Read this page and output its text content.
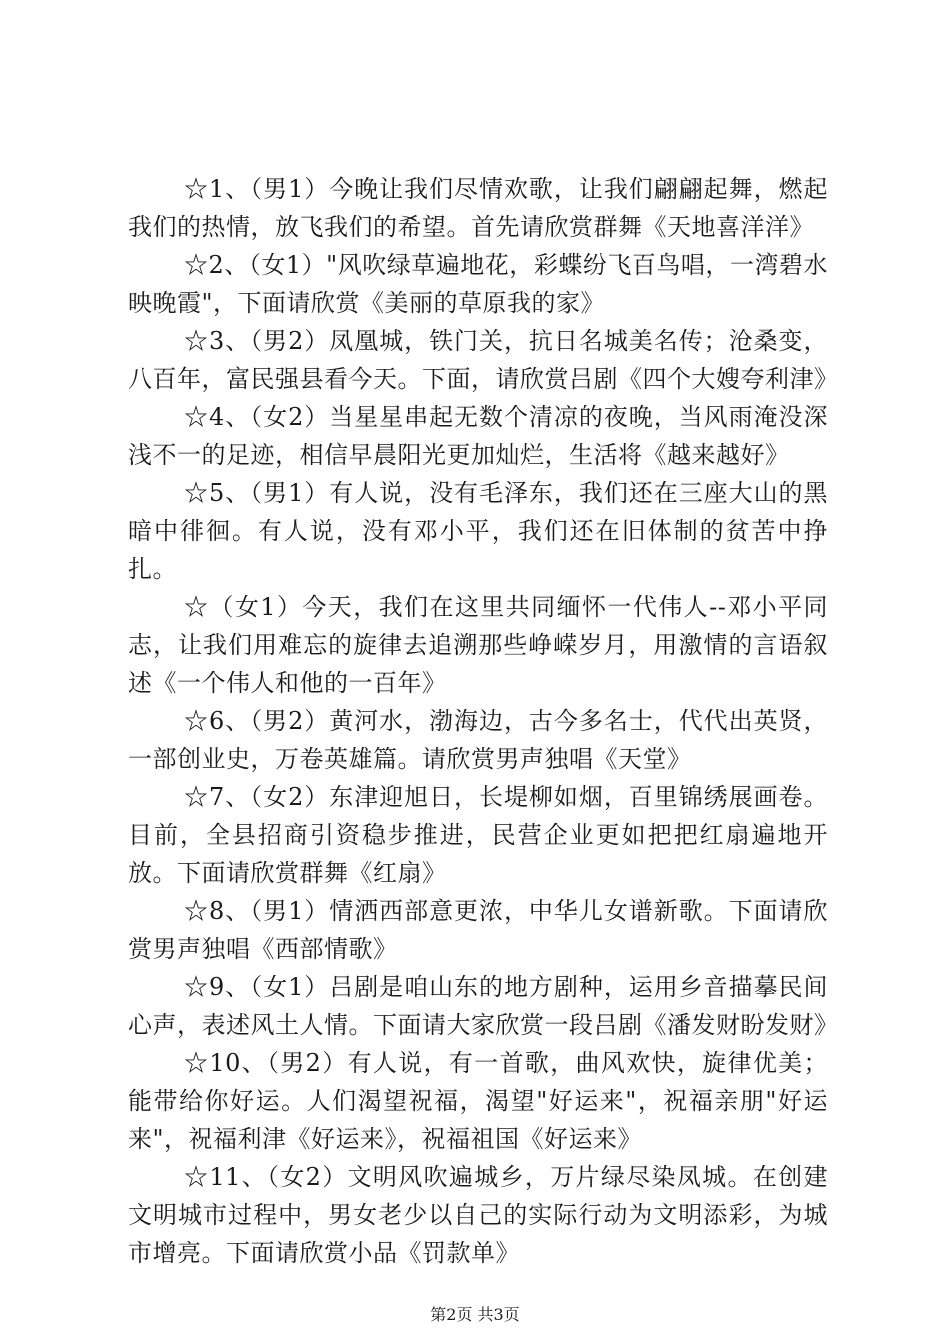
☆1、（男1）今晚让我们尽情欢歌，让我们翩翩起舞，燃起我们的热情，放飞我们的希望。首先请欣赏群舞《天地喜洋洋》

☆2、（女1）"风吹绿草遍地花，彩蝶纷飞百鸟唱，一湾碧水映晚霞"，下面请欣赏《美丽的草原我的家》

☆3、（男2）凤凰城，铁门关，抗日名城美名传；沧桑变，八百年，富民强县看今天。下面，请欣赏吕剧《四个大嫂夸利津》

☆4、（女2）当星星串起无数个清凉的夜晚，当风雨淹没深浅不一的足迹，相信早晨阳光更加灿烂，生活将《越来越好》

☆5、（男1）有人说，没有毛泽东，我们还在三座大山的黑暗中徘徊。有人说，没有邓小平，我们还在旧体制的贫苦中挣扎。

☆（女1）今天，我们在这里共同缅怀一代伟人--邓小平同志，让我们用难忘的旋律去追溯那些峥嵘岁月，用激情的言语叙述《一个伟人和他的一百年》

☆6、（男2）黄河水，渤海边，古今多名士，代代出英贤，一部创业史，万卷英雄篇。请欣赏男声独唱《天堂》

☆7、（女2）东津迎旭日，长堤柳如烟，百里锦绣展画卷。目前，全县招商引资稳步推进，民营企业更如把把红扇遍地开放。下面请欣赏群舞《红扇》

☆8、（男1）情洒西部意更浓，中华儿女谱新歌。下面请欣赏男声独唱《西部情歌》

☆9、（女1）吕剧是咱山东的地方剧种，运用乡音描摹民间心声，表述风土人情。下面请大家欣赏一段吕剧《潘发财盼发财》

☆10、（男2）有人说，有一首歌，曲风欢快，旋律优美；能带给你好运。人们渴望祝福，渴望"好运来"，祝福亲朋"好运来"，祝福利津《好运来》，祝福祖国《好运来》

☆11、（女2）文明风吹遍城乡，万片绿尽染凤城。在创建文明城市过程中，男女老少以自己的实际行动为文明添彩，为城市增亮。下面请欣赏小品《罚款单》

第2页 共3页
